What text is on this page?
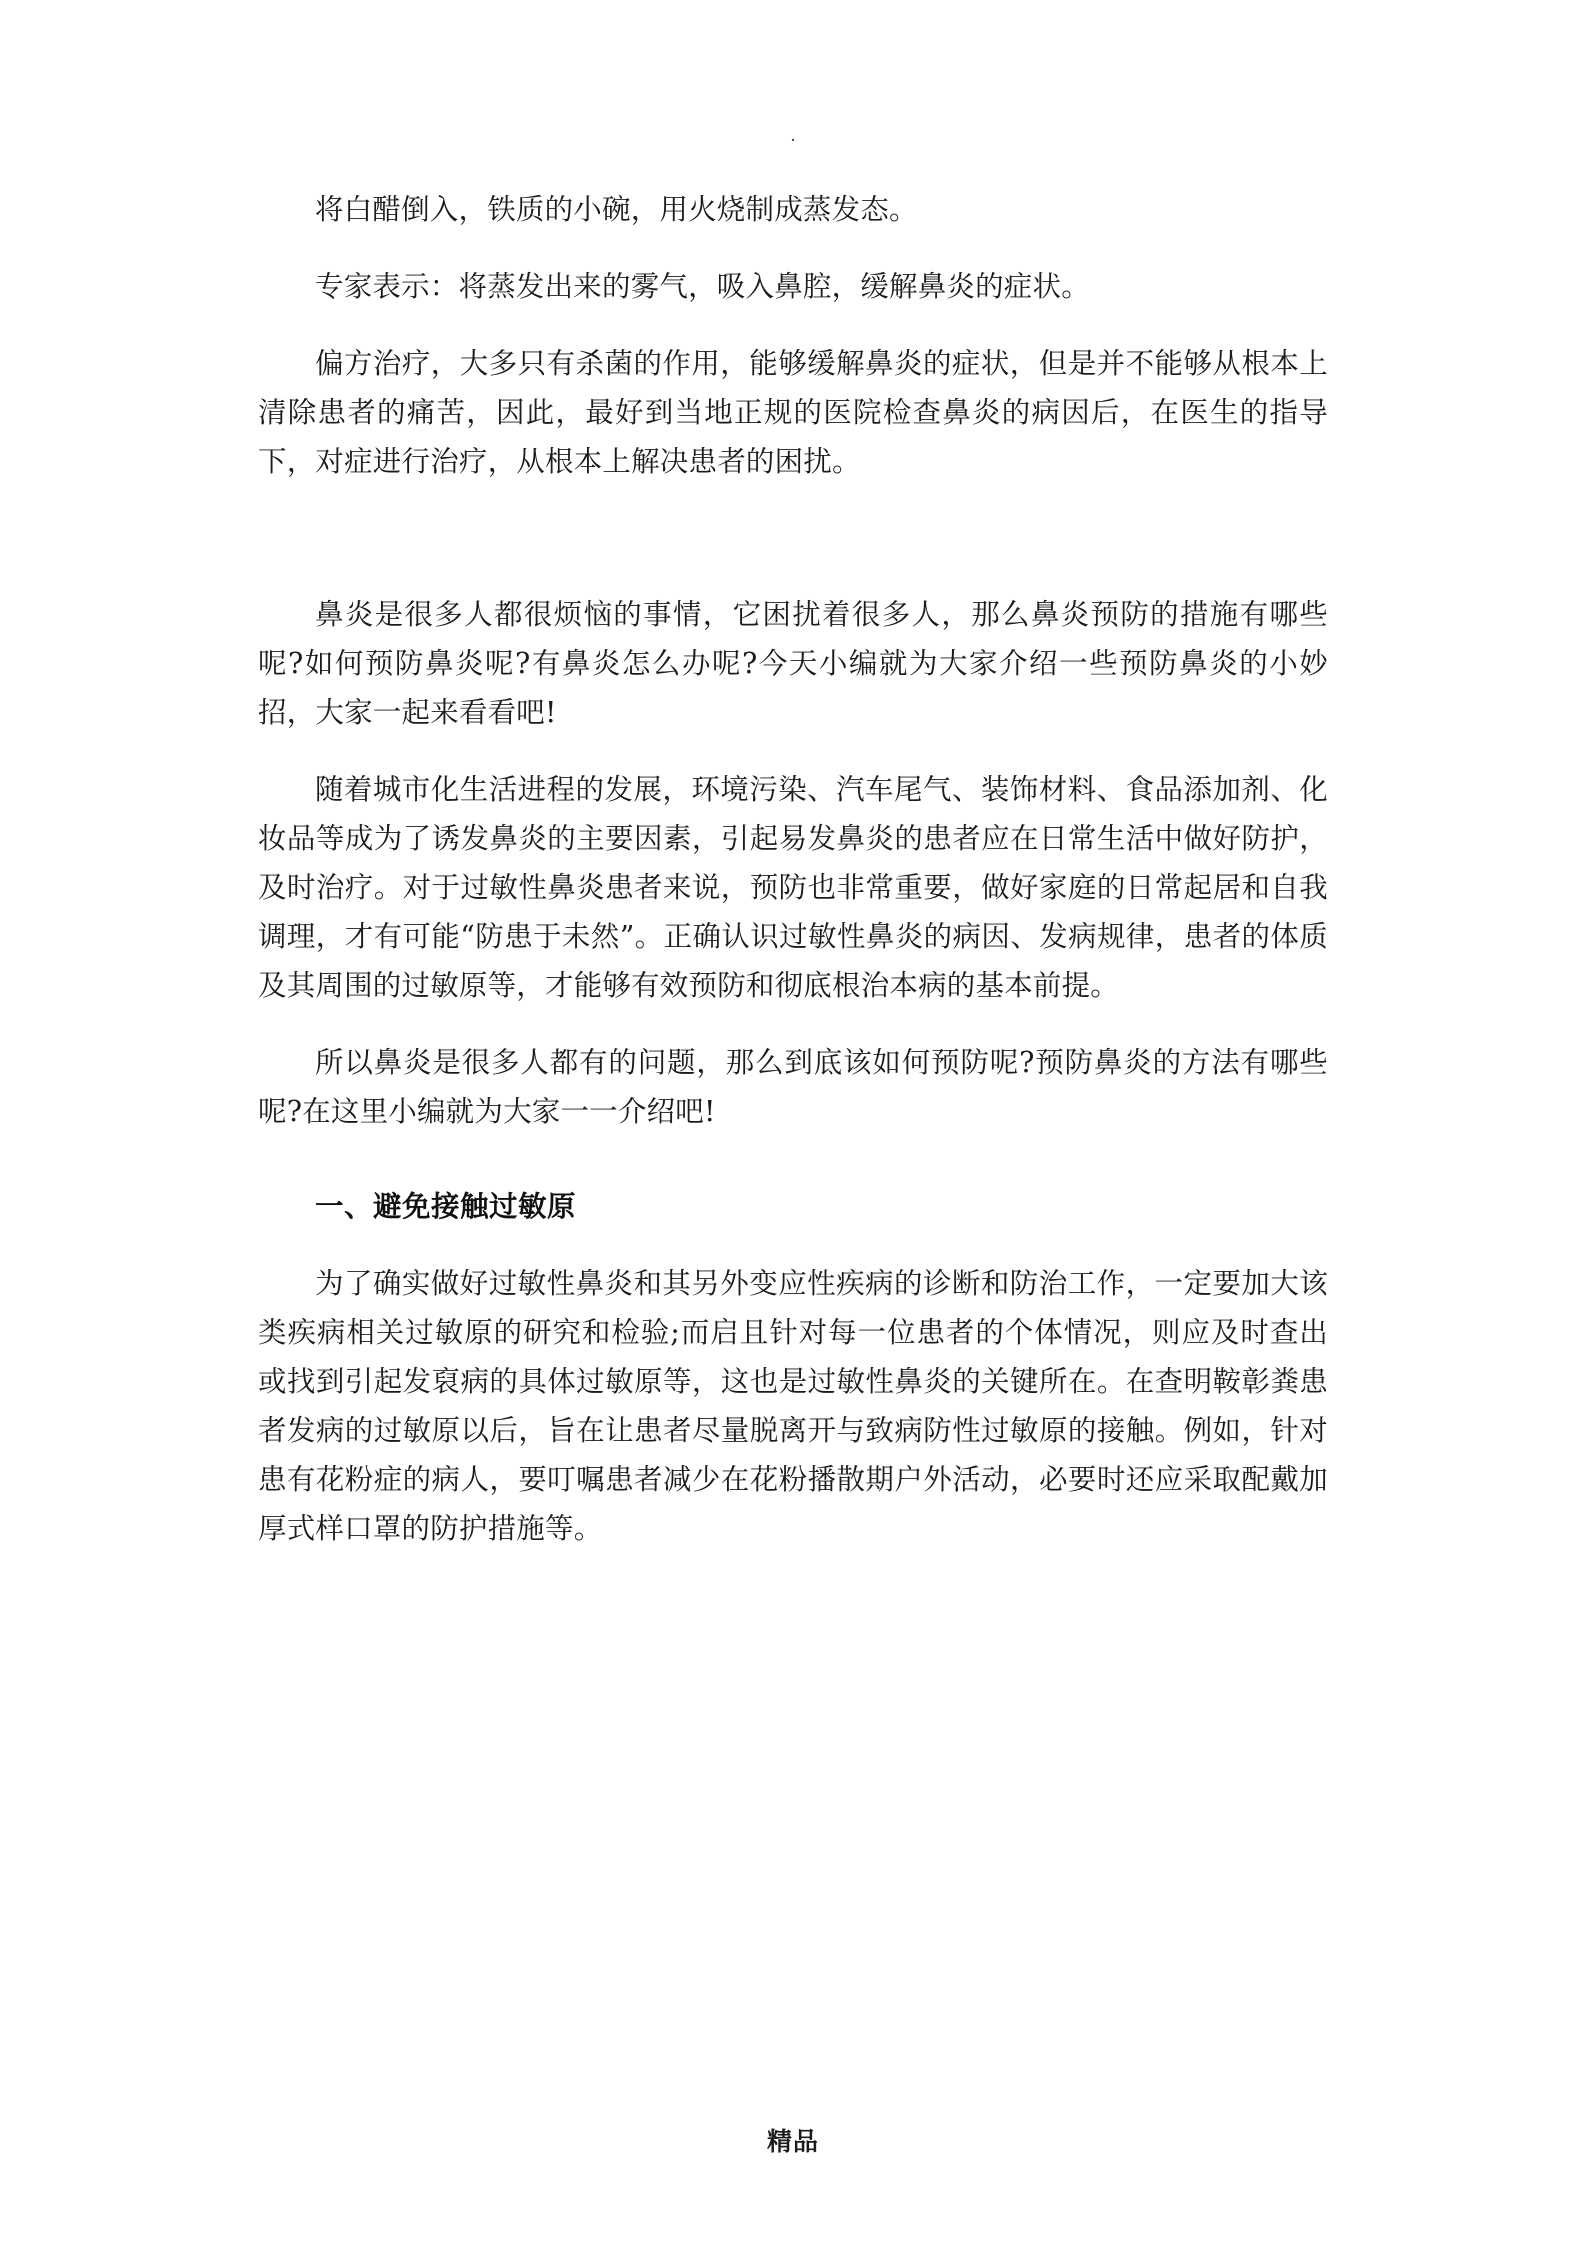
.

将白醋倒入，铁质的小碗，用火烧制成蒸发态。

专家表示：将蒸发出来的雾气，吸入鼻腔，缓解鼻炎的症状。

偏方治疗，大多只有杀菌的作用，能够缓解鼻炎的症状，但是并不能够从根本上清除患者的痛苦，因此，最好到当地正规的医院检查鼻炎的病因后，在医生的指导下，对症进行治疗，从根本上解决患者的困扰。

鼻炎是很多人都很烦恼的事情，它困扰着很多人，那么鼻炎预防的措施有哪些呢?如何预防鼻炎呢?有鼻炎怎么办呢?今天小编就为大家介绍一些预防鼻炎的小妙招，大家一起来看看吧!

随着城市化生活进程的发展，环境污染、汽车尾气、装饰材料、食品添加剂、化妆品等成为了诱发鼻炎的主要因素，引起易发鼻炎的患者应在日常生活中做好防护，及时治疗。对于过敏性鼻炎患者来说，预防也非常重要，做好家庭的日常起居和自我调理，才有可能“防患于未然”。正确认识过敏性鼻炎的病因、发病规律，患者的体质及其周围的过敏原等，才能够有效预防和彻底根治本病的基本前提。

所以鼻炎是很多人都有的问题，那么到底该如何预防呢?预防鼻炎的方法有哪些呢?在这里小编就为大家一一介绍吧!

一、避免接触过敏原

为了确实做好过敏性鼻炎和其另外变应性疾病的诊断和防治工作，一定要加大该类疾病相关过敏原的研究和检验;而启且针对每一位患者的个体情况，则应及时查出或找到引起发裒病的具体过敏原等，这也是过敏性鼻炎的关键所在。在查明鞍彰粪患者发病的过敏原以后，旨在让患者尽量脱离开与致病防性过敏原的接触。例如，针对患有花粉症的病人，要叮嘱患者减少在花粉播散期户外活动，必要时还应采取配戴加厚式样口罩的防护措施等。

精品
